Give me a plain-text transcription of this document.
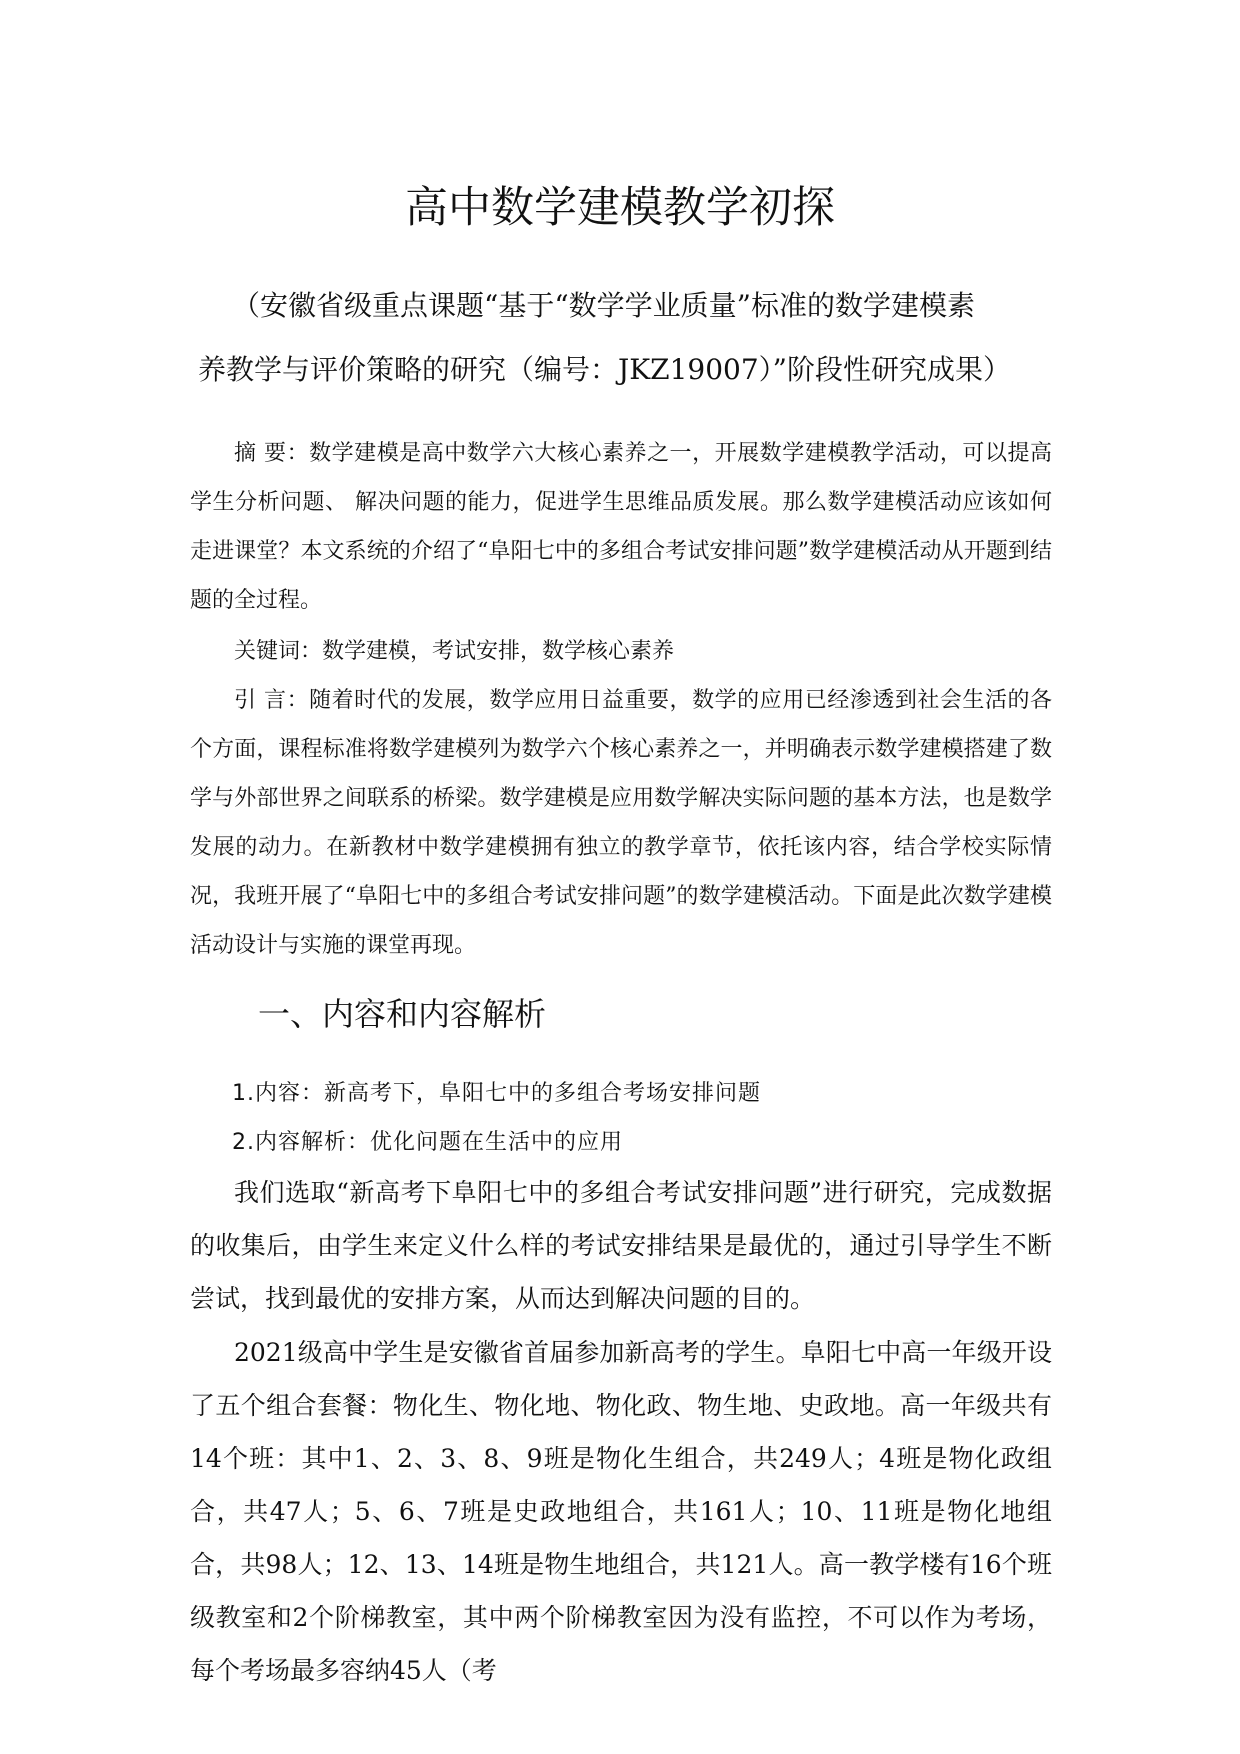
高中数学建模教学初探
（安徽省级重点课题“基于“数学学业质量”标准的数学建模素
养教学与评价策略的研究（编号：JKZ19007）”阶段性研究成果）

摘 要：数学建模是高中数学六大核心素养之一，开展数学建模教学活动，可以提高学生分析问题、 解决问题的能力，促进学生思维品质发展。那么数学建模活动应该如何走进课堂？本文系统的介绍了“阜阳七中的多组合考试安排问题”数学建模活动从开题到结题的全过程。

关键词：数学建模，考试安排，数学核心素养

引 言：随着时代的发展，数学应用日益重要，数学的应用已经渗透到社会生活的各个方面，课程标准将数学建模列为数学六个核心素养之一，并明确表示数学建模搭建了数学与外部世界之间联系的桥梁。数学建模是应用数学解决实际问题的基本方法，也是数学发展的动力。在新教材中数学建模拥有独立的教学章节，依托该内容，结合学校实际情况，我班开展了“阜阳七中的多组合考试安排问题”的数学建模活动。下面是此次数学建模活动设计与实施的课堂再现。

一、内容和内容解析
1.内容：新高考下，阜阳七中的多组合考场安排问题
2.内容解析：优化问题在生活中的应用

我们选取“新高考下阜阳七中的多组合考试安排问题”进行研究，完成数据的收集后，由学生来定义什么样的考试安排结果是最优的，通过引导学生不断尝试，找到最优的安排方案，从而达到解决问题的目的。

2021级高中学生是安徽省首届参加新高考的学生。阜阳七中高一年级开设了五个组合套餐：物化生、物化地、物化政、物生地、史政地。高一年级共有14个班：其中1、2、3、8、9班是物化生组合，共249人；4班是物化政组合，共47人；5、6、7班是史政地组合，共161人；10、11班是物化地组合，共98人；12、13、14班是物生地组合，共121人。高一教学楼有16个班级教室和2个阶梯教室，其中两个阶梯教室因为没有监控，不可以作为考场，每个考场最多容纳45人（考
